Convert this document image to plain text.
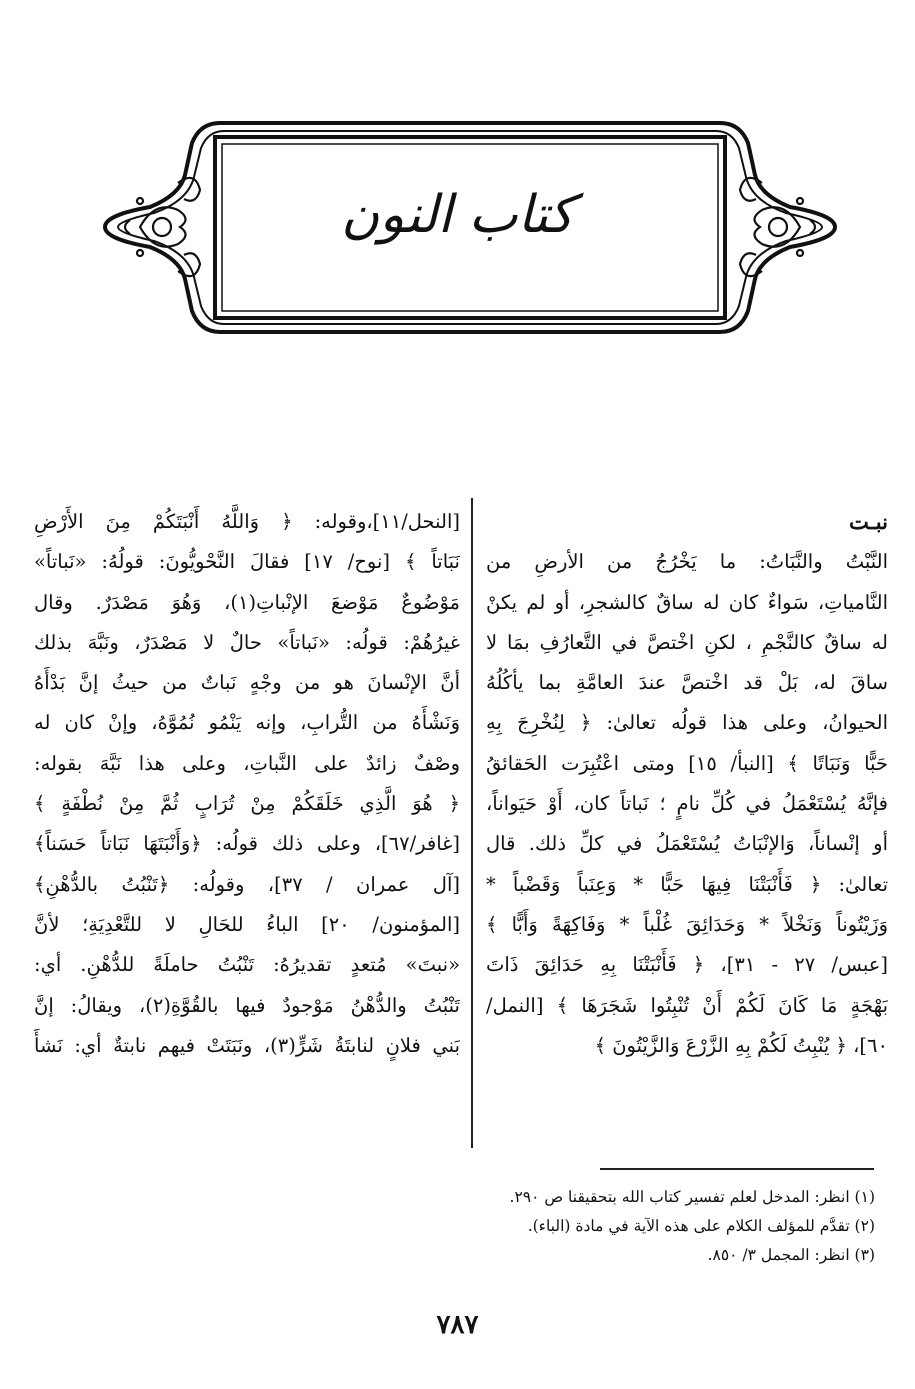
كتاب النون
نبـت
النَّبْتُ والنَّبَاتُ: ما يَخْرُجُ من الأرضِ من
النَّامياتِ، سَواءٌ كان له ساقٌ كالشجرِ، أو لم يكنْ
له ساقٌ كالنَّجْمِ ، لكنِ اخْتصَّ في التَّعارُفِ بمَا لا
ساقَ له، بَلْ قد اخْتصَّ عندَ العامَّةِ بما يأكُلُهُ
الحيوانُ، وعلى هذا قولُه تعالىٰ: ﴿ لِنُخْرِجَ بِهِ
حَبًّا وَنَبَاتًا ﴾ [النبأ/ ١٥] ومتى اعْتُبِرَت الحَقائقُ
فإنَّهُ يُسْتَعْمَلُ في كُلِّ نامٍ ؛ نَباتاً كان، أَوْ حَيَواناً،
أو إنْساناً، وَالإنْبَاتُ يُسْتَعْمَلُ في كلِّ ذلك. قال
تعالىٰ: ﴿ فَأَنْبَتْنَا فِيهَا حَبًّا * وَعِنَباً وَقَضْباً *
وَزَيْتُوناً وَنَخْلاً * وَحَدَائِقَ غُلْباً * وَفَاكِهَةً وَأَبًّا ﴾
[عبس/ ٢٧ - ٣١]، ﴿ فَأَنْبَتْنَا بِهِ حَدَائِقَ ذَاتَ
بَهْجَةٍ مَا كَانَ لَكُمْ أَنْ تُنْبِتُوا شَجَرَهَا ﴾ [النمل/
٦٠]، ﴿ يُنْبِتُ لَكُمْ بِهِ الزَّرْعَ وَالزَّيْتُونَ ﴾
[النحل/١١]،وقوله: ﴿ وَاللَّهُ أَنْبَتَكُمْ مِنَ الأَرْضِ
نَبَاتاً ﴾ [نوح/ ١٧] فقالَ النَّحْويُّونَ: قولُهُ: «نَباتاً»
مَوْضُوعٌ مَوْضعَ الإنْباتِ(١)، وَهُوَ مَصْدَرٌ. وقال
غيرُهُمْ: قولُه: «نَباتاً» حالٌ لا مَصْدَرٌ، ونَبَّهَ بذلك
أنَّ الإنْسانَ هو من وجْهٍ نَباتٌ من حيثُ إنَّ بَدْأَهُ
وَنَشْأَهُ من التُّرابِ، وإنه يَنْمُو نُمُوَّهُ، وإنْ كان له
وصْفٌ زائدٌ على النَّباتِ، وعلى هذا نَبَّهَ بقوله:
﴿ هُوَ الَّذِي خَلَقَكُمْ مِنْ تُرَابٍ ثُمَّ مِنْ نُطْفَةٍ ﴾
[غافر/٦٧]، وعلى ذلك قولُه: ﴿وَأَنْبَتَهَا نَبَاتاً حَسَناً﴾
[آل عمران / ٣٧]، وقولُه: ﴿تَنْبُتُ بالدُّهْنِ﴾
[المؤمنون/ ٢٠] الباءُ للحَالِ لا للتَّعْدِيَةِ؛ لأنَّ
«نبتَ» مُتعدٍ تقديرُهُ: تَنْبُتُ حاملَةً للدُّهْنِ. أي:
تَنْبُتُ والدُّهْنُ مَوْجودٌ فيها بالقُوَّةِ(٢)، ويقالُ: إنَّ
بَني فلانٍ لنابتَةُ شَرٍّ(٣)، ونَبَتَتْ فيهم نابتةٌ أي: نَشأَ
(١) انظر: المدخل لعلم تفسير كتاب الله بتحقيقنا ص ٢٩٠.
(٢) تقدَّم للمؤلف الكلام على هذه الآية في مادة (الباء).
(٣) انظر: المجمل ٣/ ٨٥٠.
٧٨٧
